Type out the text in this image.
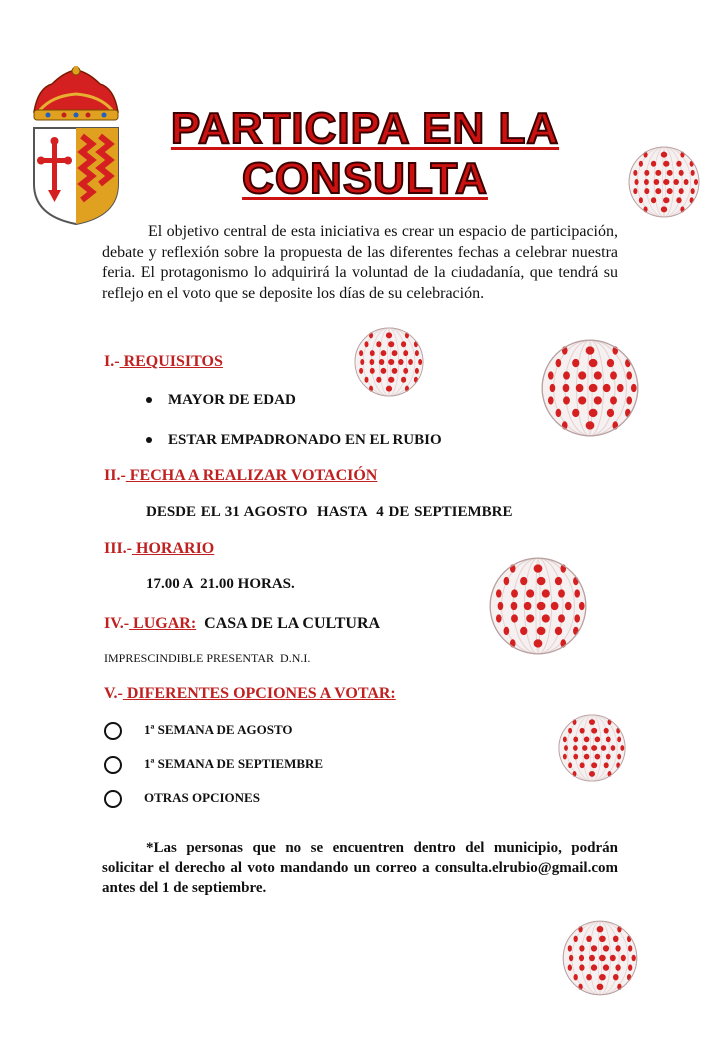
PARTICIPA EN LA
CONSULTA

El objetivo central de esta iniciativa es crear un espacio de participación, debate y reflexión sobre la propuesta de las diferentes fechas a celebrar nuestra feria. El protagonismo lo adquirirá la voluntad de la ciudadanía, que tendrá su reflejo en el voto que se deposite los días de su celebración.

I.- REQUISITOS
MAYOR DE EDAD
ESTAR EMPADRONADO EN EL RUBIO
II.- FECHA A REALIZAR VOTACIÓN
DESDE EL 31 AGOSTO  HASTA  4 DE SEPTIEMBRE
III.- HORARIO
17.00 A  21.00 HORAS.
IV.- LUGAR: CASA DE LA CULTURA
IMPRESCINDIBLE PRESENTAR  D.N.I.
V.- DIFERENTES OPCIONES A VOTAR:
1ª SEMANA DE AGOSTO
1ª SEMANA DE SEPTIEMBRE
OTRAS OPCIONES

*Las personas que no se encuentren dentro del municipio, podrán solicitar el derecho al voto mandando un correo a consulta.elrubio@gmail.com antes del 1 de septiembre.
